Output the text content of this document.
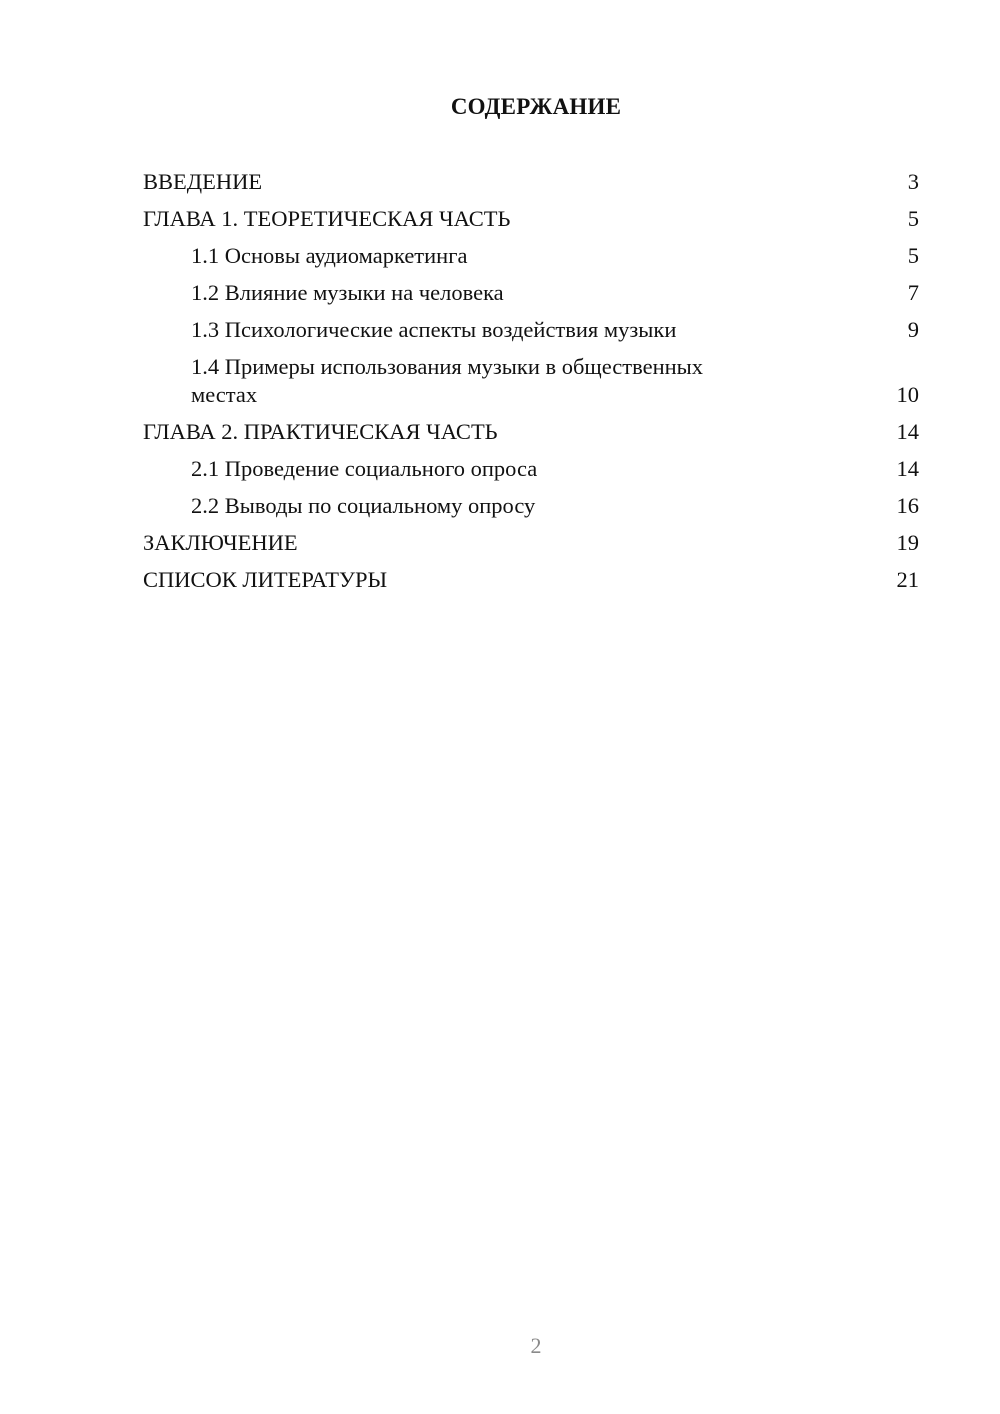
СОДЕРЖАНИЕ
ВВЕДЕНИЕ	3
ГЛАВА 1. ТЕОРЕТИЧЕСКАЯ ЧАСТЬ	5
1.1 Основы аудиомаркетинга	5
1.2 Влияние музыки на человека	7
1.3 Психологические аспекты воздействия музыки	9
1.4 Примеры использования музыки в общественных местах	10
ГЛАВА 2. ПРАКТИЧЕСКАЯ ЧАСТЬ	14
2.1 Проведение социального опроса	14
2.2 Выводы по социальному опросу	16
ЗАКЛЮЧЕНИЕ	19
СПИСОК ЛИТЕРАТУРЫ	21
2
